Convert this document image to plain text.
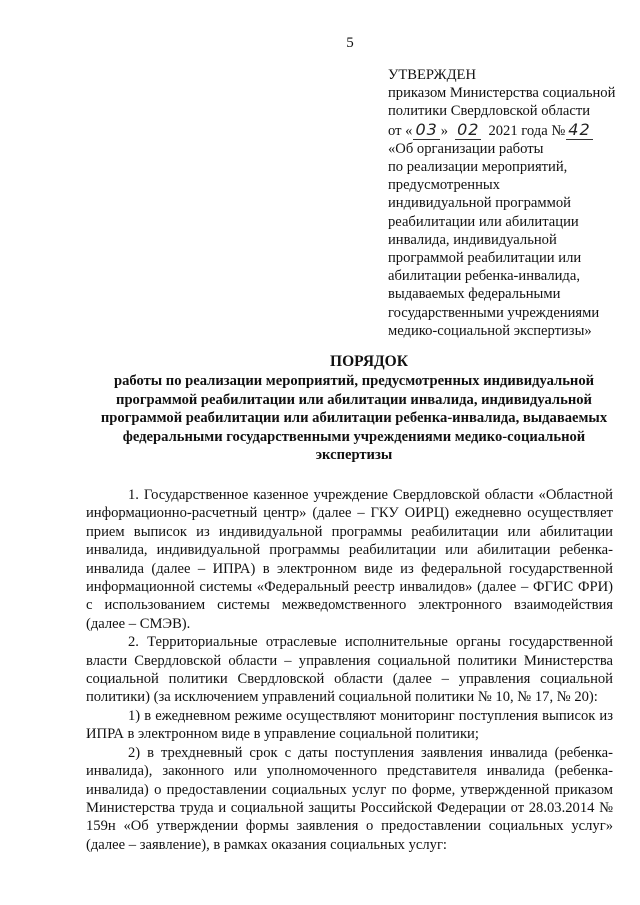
5
УТВЕРЖДЕН
приказом Министерства социальной
политики Свердловской области
от « 03 » 02 2021 года № 42
«Об организации работы
по реализации мероприятий,
предусмотренных
индивидуальной программой
реабилитации или абилитации
инвалида, индивидуальной
программой реабилитации или
абилитации ребенка-инвалида,
выдаваемых федеральными
государственными учреждениями
медико-социальной экспертизы»
ПОРЯДОК
работы по реализации мероприятий, предусмотренных индивидуальной
программой реабилитации или абилитации инвалида, индивидуальной
программой реабилитации или абилитации ребенка-инвалида, выдаваемых
федеральными государственными учреждениями медико-социальной
экспертизы

1. Государственное казенное учреждение Свердловской области «Областной информационно-расчетный центр» (далее – ГКУ ОИРЦ) ежедневно осуществляет прием выписок из индивидуальной программы реабилитации или абилитации инвалида, индивидуальной программы реабилитации или абилитации ребенка-инвалида (далее – ИПРА) в электронном виде из федеральной государственной информационной системы «Федеральный реестр инвалидов» (далее – ФГИС ФРИ) с использованием системы межведомственного электронного взаимодействия (далее – СМЭВ).

2. Территориальные отраслевые исполнительные органы государственной власти Свердловской области – управления социальной политики Министерства социальной политики Свердловской области (далее – управления социальной политики) (за исключением управлений социальной политики № 10, № 17, № 20):

1) в ежедневном режиме осуществляют мониторинг поступления выписок из ИПРА в электронном виде в управление социальной политики;

2) в трехдневный срок с даты поступления заявления инвалида (ребенка-инвалида), законного или уполномоченного представителя инвалида (ребенка-инвалида) о предоставлении социальных услуг по форме, утвержденной приказом Министерства труда и социальной защиты Российской Федерации от 28.03.2014 № 159н «Об утверждении формы заявления о предоставлении социальных услуг» (далее – заявление), в рамках оказания социальных услуг:
